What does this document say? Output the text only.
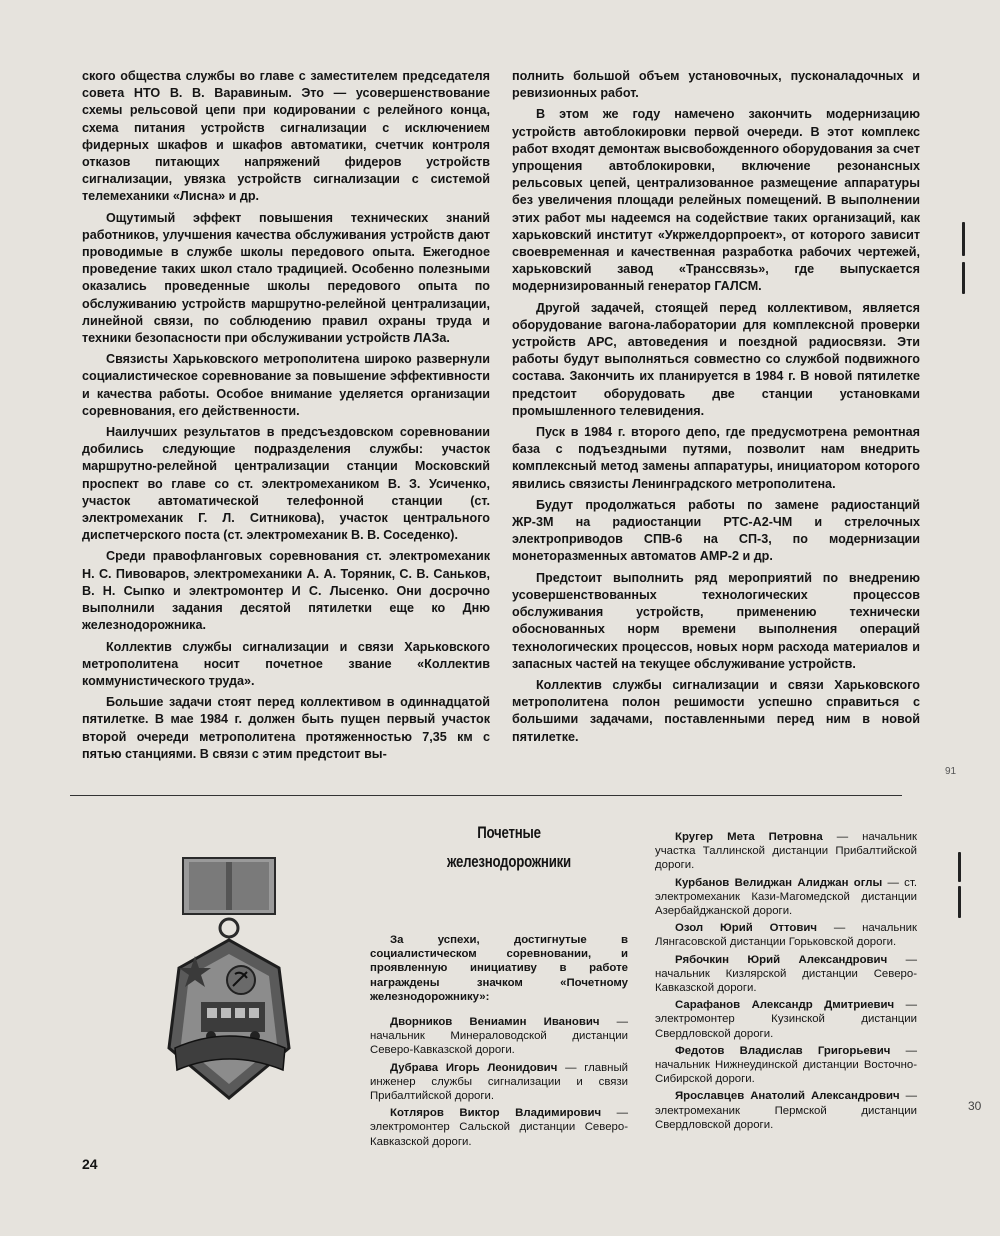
ского общества службы во главе с заместителем председателя совета НТО В. В. Варавиным. Это — усовершенствование схемы рельсовой цепи при кодировании с релейного конца, схема питания устройств сигнализации с исключением фидерных шкафов и шкафов автоматики, счетчик контроля отказов питающих напряжений фидеров устройств сигнализации, увязка устройств сигнализации с системой телемеханики «Лисна» и др.

Ощутимый эффект повышения технических знаний работников, улучшения качества обслуживания устройств дают проводимые в службе школы передового опыта. Ежегодное проведение таких школ стало традицией. Особенно полезными оказались проведенные школы передового опыта по обслуживанию устройств маршрутно-релейной централизации, линейной связи, по соблюдению правил охраны труда и техники безопасности при обслуживании устройств ЛАЗа.

Связисты Харьковского метрополитена широко развернули социалистическое соревнование за повышение эффективности и качества работы. Особое внимание уделяется организации соревнования, его действенности.

Наилучших результатов в предсъездовском соревновании добились следующие подразделения службы: участок маршрутно-релейной централизации станции Московский проспект во главе со ст. электромехаником В. З. Усиченко, участок автоматической телефонной станции (ст. электромеханик Г. Л. Ситникова), участок центрального диспетчерского поста (ст. электромеханик В. В. Соседенко).

Среди правофланговых соревнования ст. электромеханик Н. С. Пивоваров, электромеханики А. А. Торяник, С. В. Саньков, В. Н. Сыпко и электромонтер И С. Лысенко. Они досрочно выполнили задания десятой пятилетки еще ко Дню железнодорожника.

Коллектив службы сигнализации и связи Харьковского метрополитена носит почетное звание «Коллектив коммунистического труда».

Большие задачи стоят перед коллективом в одиннадцатой пятилетке. В мае 1984 г. должен быть пущен первый участок второй очереди метрополитена протяженностью 7,35 км с пятью станциями. В связи с этим предстоит вы-

полнить большой объем установочных, пусконаладочных и ревизионных работ.

В этом же году намечено закончить модернизацию устройств автоблокировки первой очереди. В этот комплекс работ входят демонтаж высвобожденного оборудования за счет упрощения автоблокировки, включение резонансных рельсовых цепей, централизованное размещение аппаратуры без увеличения площади релейных помещений. В выполнении этих работ мы надеемся на содействие таких организаций, как харьковский институт «Укржелдорпроект», от которого зависит своевременная и качественная разработка рабочих чертежей, харьковский завод «Транссвязь», где выпускается модернизированный генератор ГАЛСМ.

Другой задачей, стоящей перед коллективом, является оборудование вагона-лаборатории для комплексной проверки устройств АРС, автоведения и поездной радиосвязи. Эти работы будут выполняться совместно со службой подвижного состава. Закончить их планируется в 1984 г. В новой пятилетке предстоит оборудовать две станции установками промышленного телевидения.

Пуск в 1984 г. второго депо, где предусмотрена ремонтная база с подъездными путями, позволит нам внедрить комплексный метод замены аппаратуры, инициатором которого явились связисты Ленинградского метрополитена.

Будут продолжаться работы по замене радиостанций ЖР-3М на радиостанции РТС-А2-ЧМ и стрелочных электроприводов СПВ-6 на СП-3, по модернизации монеторазменных автоматов АМР-2 и др.

Предстоит выполнить ряд мероприятий по внедрению усовершенствованных технологических процессов обслуживания устройств, применению технически обоснованных норм времени выполнения операций технологических процессов, новых норм расхода материалов и запасных частей на текущее обслуживание устройств.

Коллектив службы сигнализации и связи Харьковского метрополитена полон решимости успешно справиться с большими задачами, поставленными перед ним в новой пятилетке.

Почетные
железнодорожники

За успехи, достигнутые в социалистическом соревновании, и проявленную инициативу в работе награждены значком «Почетному железнодорожнику»:

Дворников Вениамин Иванович — начальник Минераловодской дистанции Северо-Кавказской дороги.

Дубрава Игорь Леонидович — главный инженер службы сигнализации и связи Прибалтийской дороги.

Котляров Виктор Владимирович — электромонтер Сальской дистанции Северо-Кавказской дороги.

Кругер Мета Петровна — начальник участка Таллинской дистанции Прибалтийской дороги.

Курбанов Велиджан Алиджан оглы — ст. электромеханик Кази-Магомедской дистанции Азербайджанской дороги.

Озол Юрий Оттович — начальник Лянгасовской дистанции Горьковской дороги.

Рябочкин Юрий Александрович — начальник Кизлярской дистанции Северо-Кавказской дороги.

Сарафанов Александр Дмитриевич — электромонтер Кузинской дистанции Свердловской дороги.

Федотов Владислав Григорьевич — начальник Нижнеудинской дистанции Восточно-Сибирской дороги.

Ярославцев Анатолий Александрович — электромеханик Пермской дистанции Свердловской дороги.

24
91
30
